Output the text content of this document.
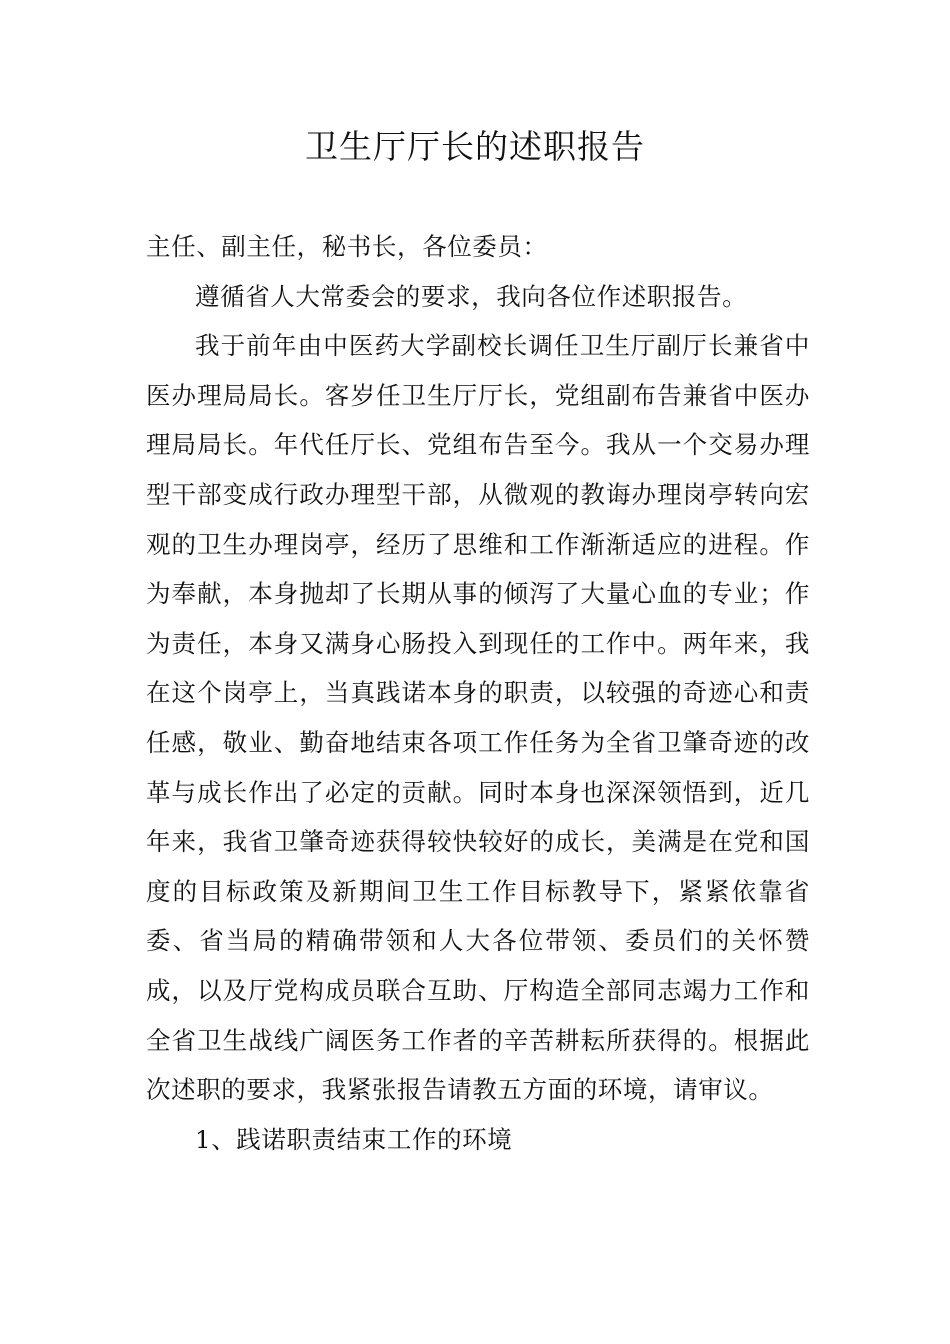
卫生厅厅长的述职报告

主任、副主任，秘书长，各位委员：

遵循省人大常委会的要求，我向各位作述职报告。

我于前年由中医药大学副校长调任卫生厅副厅长兼省中医办理局局长。客岁任卫生厅厅长，党组副布告兼省中医办理局局长。年代任厅长、党组布告至今。我从一个交易办理型干部变成行政办理型干部，从微观的教诲办理岗亭转向宏观的卫生办理岗亭，经历了思维和工作渐渐适应的进程。作为奉献，本身抛却了长期从事的倾泻了大量心血的专业；作为责任，本身又满身心肠投入到现任的工作中。两年来，我在这个岗亭上，当真践诺本身的职责，以较强的奇迹心和责任感，敬业、勤奋地结束各项工作任务为全省卫肇奇迹的改革与成长作出了必定的贡献。同时本身也深深领悟到，近几年来，我省卫肇奇迹获得较快较好的成长，美满是在党和国度的目标政策及新期间卫生工作目标教导下，紧紧依靠省委、省当局的精确带领和人大各位带领、委员们的关怀赞成，以及厅党构成员联合互助、厅构造全部同志竭力工作和全省卫生战线广阔医务工作者的辛苦耕耘所获得的。根据此次述职的要求，我紧张报告请教五方面的环境，请审议。

1、践诺职责结束工作的环境
